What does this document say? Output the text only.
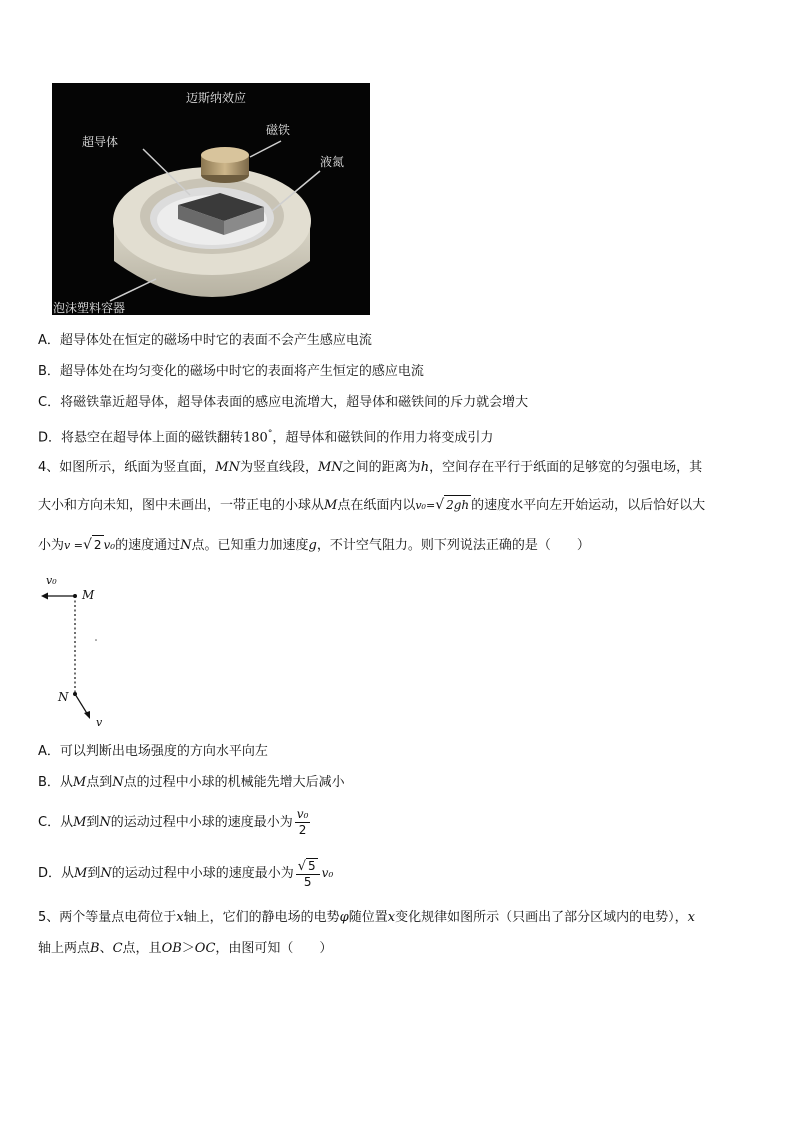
迈斯纳效应
超导体
磁铁
液氮
泡沫塑料容器
A．超导体处在恒定的磁场中时它的表面不会产生感应电流
B．超导体处在均匀变化的磁场中时它的表面将产生恒定的感应电流
C．将磁铁靠近超导体，超导体表面的感应电流增大，超导体和磁铁间的斥力就会增大
D．将悬空在超导体上面的磁铁翻转180°，超导体和磁铁间的作用力将变成引力
4、如图所示，纸面为竖直面，MN为竖直线段，MN之间的距离为h，空间存在平行于纸面的足够宽的匀强电场，其
大小和方向未知，图中未画出，一带正电的小球从M点在纸面内以v₀=√ 2gh 的速度水平向左开始运动，以后恰好以大
小为v =√ 2 v₀的速度通过N点。已知重力加速度g，不计空气阻力。则下列说法正确的是（　　）
v₀
M
N
v
A．可以判断出电场强度的方向水平向左
B．从M点到N点的过程中小球的机械能先增大后减小
C．从M到N的运动过程中小球的速度最小为 $\frac{\text{v₀}}{2}$
D．从M到N的运动过程中小球的速度最小为 $\frac{√ 5}{5} v_0$
5、两个等量点电荷位于x轴上，它们的静电场的电势φ随位置x变化规律如图所示（只画出了部分区域内的电势），x
轴上两点B、C点，且OB＞OC，由图可知（　　）
